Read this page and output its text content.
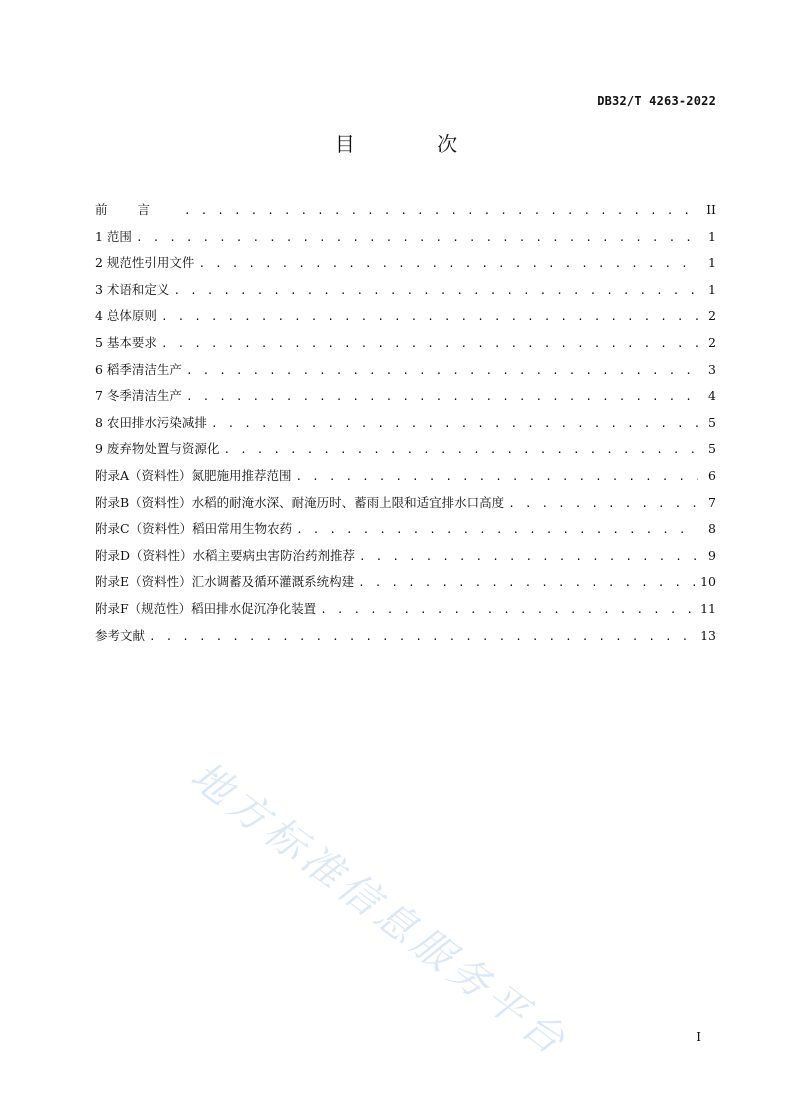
DB32/T 4263-2022
目 次
前言 . . .	II
1 范围 . . .	1
2 规范性引用文件 . . .	1
3 术语和定义 . . .	1
4 总体原则 . . .	2
5 基本要求 . . .	2
6 稻季清洁生产 . . .	3
7 冬季清洁生产 . . .	4
8 农田排水污染减排 . . .	5
9 废弃物处置与资源化 . . .	5
附录A（资料性）氮肥施用推荐范围 . . .	6
附录B（资料性）水稻的耐淹水深、耐淹历时、蓄雨上限和适宜排水口高度 . . .	7
附录C（资料性）稻田常用生物农药 . . .	8
附录D（资料性）水稻主要病虫害防治药剂推荐 . . .	9
附录E（资料性）汇水调蓄及循环灌溉系统构建 . . .	10
附录F（规范性）稻田排水促沉净化装置 . . .	11
参考文献 . . .	13
地方标准信息服务平台	I
